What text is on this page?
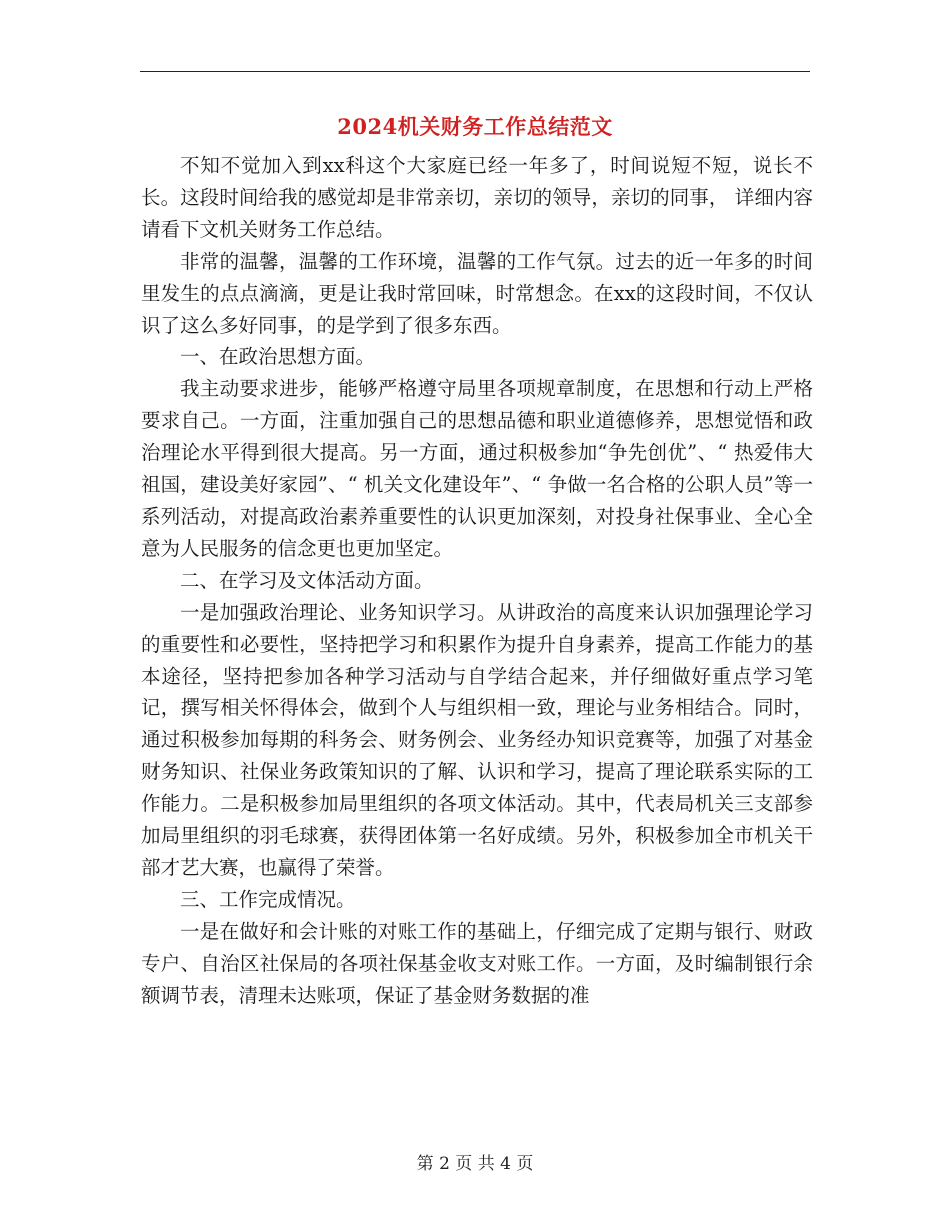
2024机关财务工作总结范文

不知不觉加入到xx科这个大家庭已经一年多了，时间说短不短，说长不长。这段时间给我的感觉却是非常亲切，亲切的领导，亲切的同事， 详细内容请看下文机关财务工作总结。

非常的温馨，温馨的工作环境，温馨的工作气氛。过去的近一年多的时间里发生的点点滴滴，更是让我时常回味，时常想念。在xx的这段时间，不仅认识了这么多好同事，的是学到了很多东西。

一、在政治思想方面。

我主动要求进步，能够严格遵守局里各项规章制度，在思想和行动上严格要求自己。一方面，注重加强自己的思想品德和职业道德修养，思想觉悟和政治理论水平得到很大提高。另一方面，通过积极参加“争先创优”、“ 热爱伟大祖国，建设美好家园”、“ 机关文化建设年”、“ 争做一名合格的公职人员”等一系列活动，对提高政治素养重要性的认识更加深刻，对投身社保事业、全心全意为人民服务的信念更也更加坚定。

二、在学习及文体活动方面。

一是加强政治理论、业务知识学习。从讲政治的高度来认识加强理论学习的重要性和必要性，坚持把学习和积累作为提升自身素养，提高工作能力的基本途径，坚持把参加各种学习活动与自学结合起来，并仔细做好重点学习笔记，撰写相关怀得体会，做到个人与组织相一致，理论与业务相结合。同时，通过积极参加每期的科务会、财务例会、业务经办知识竞赛等，加强了对基金财务知识、社保业务政策知识的了解、认识和学习，提高了理论联系实际的工作能力。二是积极参加局里组织的各项文体活动。其中，代表局机关三支部参加局里组织的羽毛球赛，获得团体第一名好成绩。另外，积极参加全市机关干部才艺大赛，也赢得了荣誉。

三、工作完成情况。

一是在做好和会计账的对账工作的基础上，仔细完成了定期与银行、财政专户、自治区社保局的各项社保基金收支对账工作。一方面，及时编制银行余额调节表，清理未达账项，保证了基金财务数据的准

第 2 页 共 4 页
